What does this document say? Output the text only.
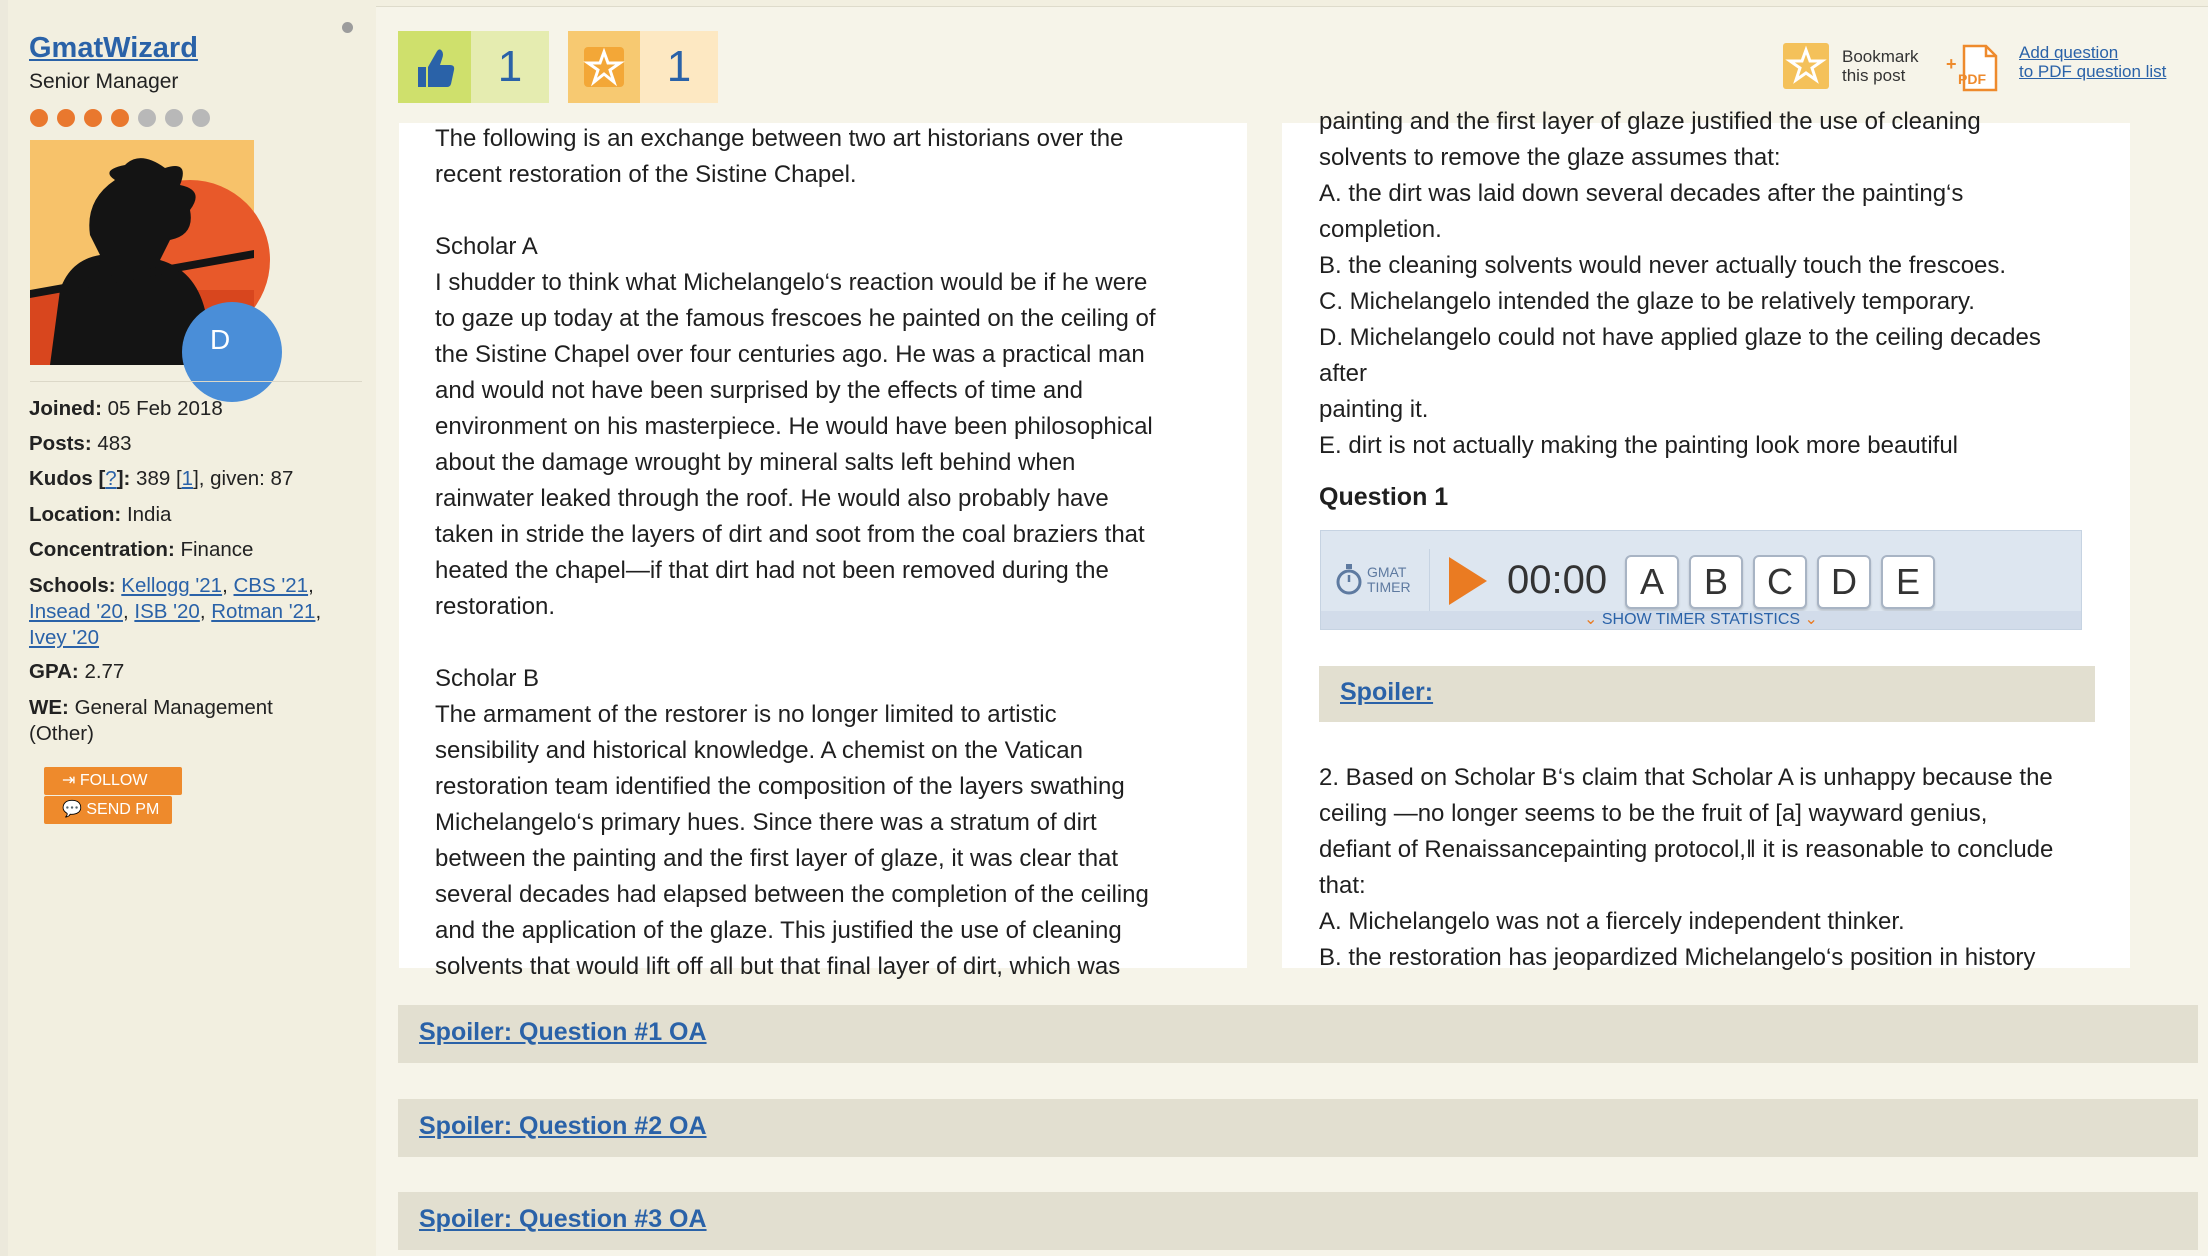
GmatWizard
Senior Manager
D
Joined: 05 Feb 2018
Posts: 483
Kudos [?]: 389 [1], given: 87
Location: India
Concentration: Finance
Schools: Kellogg '21, CBS '21,
Insead '20, ISB '20, Rotman '21,
Ivey '20
GPA: 2.77
WE: General Management
(Other)
⇥ FOLLOW
💬 SEND PM
1	1	Bookmark
this post
+
PDF
Add question
to PDF question list

The following is an exchange between two art historians over the
recent restoration of the Sistine Chapel.

Scholar A
I shudder to think what Michelangelo‘s reaction would be if he were
to gaze up today at the famous frescoes he painted on the ceiling of
the Sistine Chapel over four centuries ago. He was a practical man
and would not have been surprised by the effects of time and
environment on his masterpiece. He would have been philosophical
about the damage wrought by mineral salts left behind when
rainwater leaked through the roof. He would also probably have
taken in stride the layers of dirt and soot from the coal braziers that
heated the chapel—if that dirt had not been removed during the
restoration.

Scholar B
The armament of the restorer is no longer limited to artistic
sensibility and historical knowledge. A chemist on the Vatican
restoration team identified the composition of the layers swathing
Michelangelo‘s primary hues. Since there was a stratum of dirt
between the painting and the first layer of glaze, it was clear that
several decades had elapsed between the completion of the ceiling
and the application of the glaze. This justified the use of cleaning
solvents that would lift off all but that final layer of dirt, which was

painting and the first layer of glaze justified the use of cleaning
solvents to remove the glaze assumes that:
A. the dirt was laid down several decades after the painting‘s
completion.
B. the cleaning solvents would never actually touch the frescoes.
C. Michelangelo intended the glaze to be relatively temporary.
D. Michelangelo could not have applied glaze to the ceiling decades
after
painting it.
E. dirt is not actually making the painting look more beautiful
Question 1
GMAT
TIMER 00:00 A	B	C	D	E
⌄ SHOW TIMER STATISTICS ⌄
Spoiler:
2. Based on Scholar B‘s claim that Scholar A is unhappy because the
ceiling —no longer seems to be the fruit of [a] wayward genius,
defiant of Renaissancepainting protocol,‖ it is reasonable to conclude
that:
A. Michelangelo was not a fiercely independent thinker.
B. the restoration has jeopardized Michelangelo‘s position in history
Spoiler: Question #1 OA
Spoiler: Question #2 OA
Spoiler: Question #3 OA
